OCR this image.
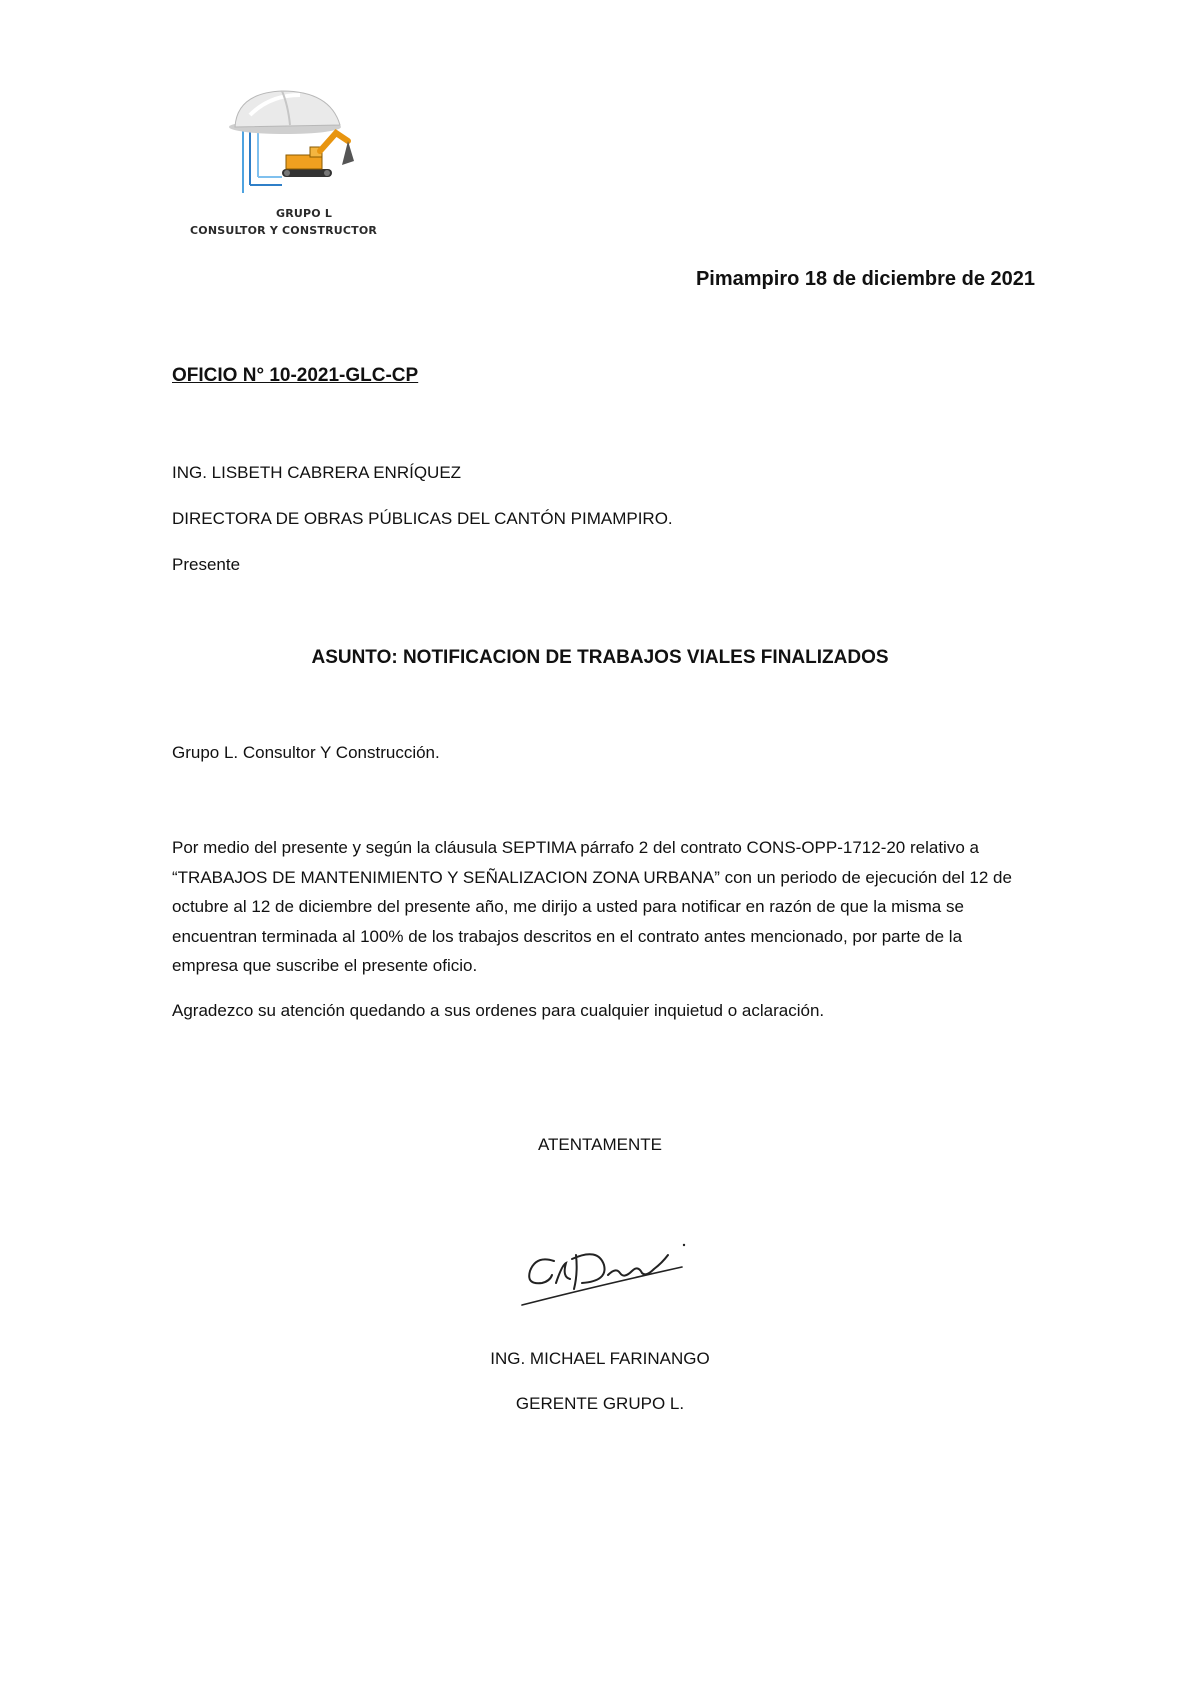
GRUPO L
CONSULTOR Y CONSTRUCTOR
Pimampiro 18 de diciembre de 2021
OFICIO N° 10-2021-GLC-CP
ING. LISBETH CABRERA ENRÍQUEZ
DIRECTORA DE OBRAS PÚBLICAS DEL CANTÓN PIMAMPIRO.
Presente
ASUNTO: NOTIFICACION DE TRABAJOS VIALES FINALIZADOS
Grupo L. Consultor Y Construcción.
Por medio del presente y según la cláusula SEPTIMA párrafo 2 del contrato CONS-OPP-1712-20 relativo a “TRABAJOS DE MANTENIMIENTO Y SEÑALIZACION ZONA URBANA” con un periodo de ejecución del 12 de octubre al 12 de diciembre del presente año, me dirijo a usted para notificar en razón de que la misma se encuentran terminada al 100% de los trabajos descritos en el contrato antes mencionado, por parte de la empresa que suscribe el presente oficio.
Agradezco su atención quedando a sus ordenes para cualquier inquietud o aclaración.
ATENTAMENTE
ING. MICHAEL FARINANGO
GERENTE GRUPO L.
